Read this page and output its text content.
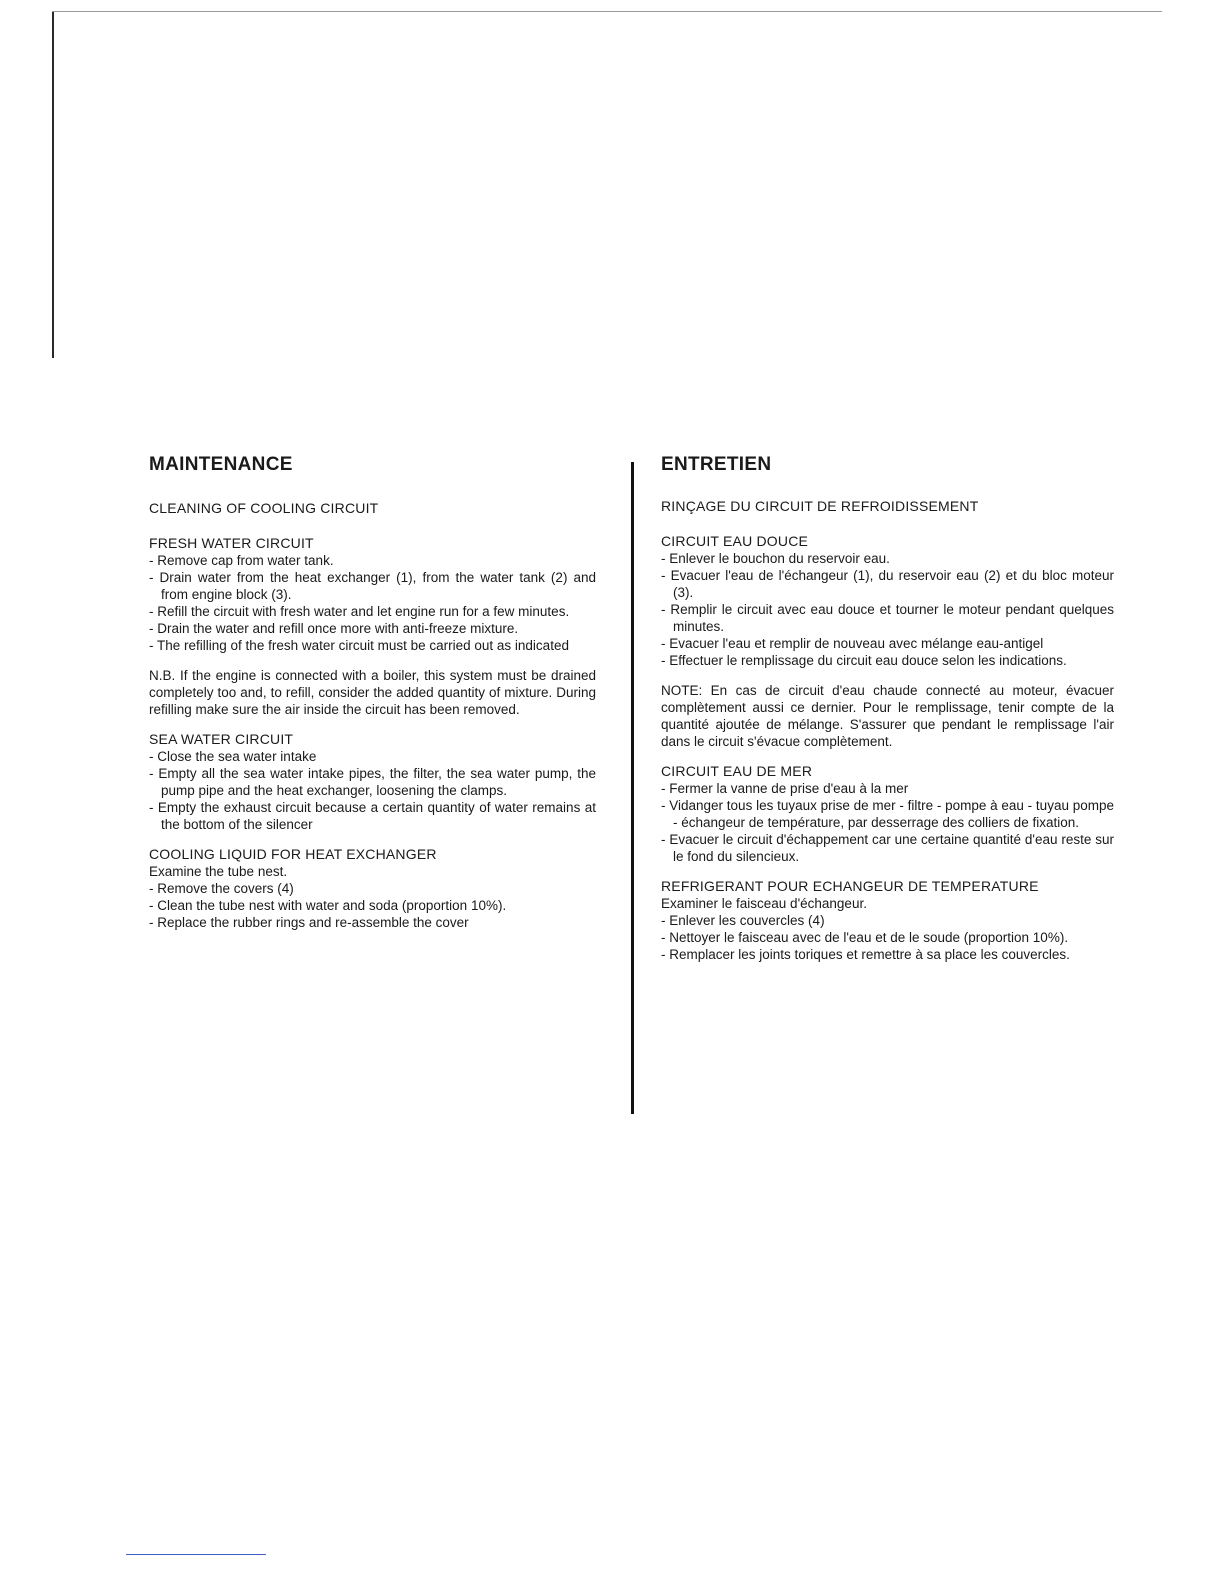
MAINTENANCE
CLEANING OF COOLING CIRCUIT
FRESH WATER CIRCUIT
- Remove cap from water tank.
- Drain water from the heat exchanger (1), from the water tank (2) and from engine block (3).
- Refill the circuit with fresh water and let engine run for a few minutes.
- Drain the water and refill once more with anti-freeze mixture.
- The refilling of the fresh water circuit must be carried out as indicated

N.B. If the engine is connected with a boiler, this system must be drained completely too and, to refill, consider the added quantity of mixture. During refilling make sure the air inside the circuit has been removed.

SEA WATER CIRCUIT
- Close the sea water intake
- Empty all the sea water intake pipes, the filter, the sea water pump, the pump pipe and the heat exchanger, loosening the clamps.
- Empty the exhaust circuit because a certain quantity of water remains at the bottom of the silencer
COOLING LIQUID FOR HEAT EXCHANGER
Examine the tube nest.
- Remove the covers (4)
- Clean the tube nest with water and soda (proportion 10%).
- Replace the rubber rings and re-assemble the cover
ENTRETIEN
RINÇAGE DU CIRCUIT DE REFROIDISSEMENT
CIRCUIT EAU DOUCE
- Enlever le bouchon du reservoir eau.
- Evacuer l'eau de l'échangeur (1), du reservoir eau (2) et du bloc moteur (3).
- Remplir le circuit avec eau douce et tourner le moteur pendant quelques minutes.
- Evacuer l'eau et remplir de nouveau avec mélange eau-antigel
- Effectuer le remplissage du circuit eau douce selon les indications.

NOTE: En cas de circuit d'eau chaude connecté au moteur, évacuer complètement aussi ce dernier. Pour le remplissage, tenir compte de la quantité ajoutée de mélange. S'assurer que pendant le remplissage l'air dans le circuit s'évacue complètement.

CIRCUIT EAU DE MER
- Fermer la vanne de prise d'eau à la mer
- Vidanger tous les tuyaux prise de mer - filtre - pompe à eau - tuyau pompe - échangeur de température, par desserrage des colliers de fixation.
- Evacuer le circuit d'échappement car une certaine quantité d'eau reste sur le fond du silencieux.
REFRIGERANT POUR ECHANGEUR DE TEMPERATURE
Examiner le faisceau d'échangeur.
- Enlever les couvercles (4)
- Nettoyer le faisceau avec de l'eau et de le soude (proportion 10%).
- Remplacer les joints toriques et remettre à sa place les couvercles.
